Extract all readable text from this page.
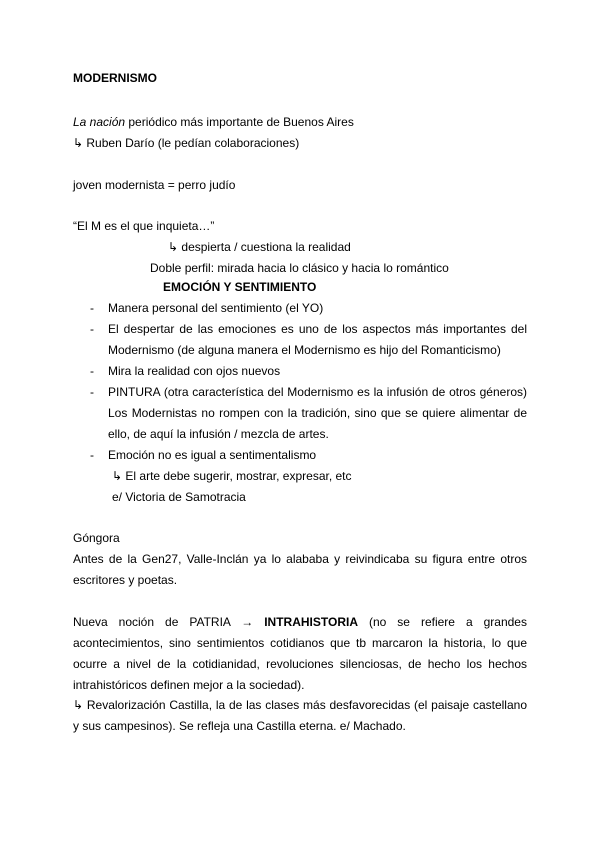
MODERNISMO
La nación periódico más importante de Buenos Aires
↳ Ruben Darío (le pedían colaboraciones)
joven modernista = perro judío
“El M es el que inquieta…”
↳ despierta / cuestiona la realidad
Doble perfil: mirada hacia lo clásico y hacia lo romántico
EMOCIÓN Y SENTIMIENTO
- Manera personal del sentimiento (el YO)
- El despertar de las emociones es uno de los aspectos más importantes del
Modernismo (de alguna manera el Modernismo es hijo del Romanticismo)
- Mira la realidad con ojos nuevos
- PINTURA (otra característica del Modernismo es la infusión de otros géneros)
Los Modernistas no rompen con la tradición, sino que se quiere alimentar de
ello, de aquí la infusión / mezcla de artes.
- Emoción no es igual a sentimentalismo
↳ El arte debe sugerir, mostrar, expresar, etc
e/ Victoria de Samotracia
Góngora
Antes de la Gen27, Valle-Inclán ya lo alababa y reivindicaba su figura entre otros
escritores y poetas.
Nueva noción de PATRIA → INTRAHISTORIA (no se refiere a grandes
acontecimientos, sino sentimientos cotidianos que tb marcaron la historia, lo que
ocurre a nivel de la cotidianidad, revoluciones silenciosas, de hecho los hechos
intrahistóricos definen mejor a la sociedad).
↳ Revalorización Castilla, la de las clases más desfavorecidas (el paisaje castellano
y sus campesinos). Se refleja una Castilla eterna. e/ Machado.
